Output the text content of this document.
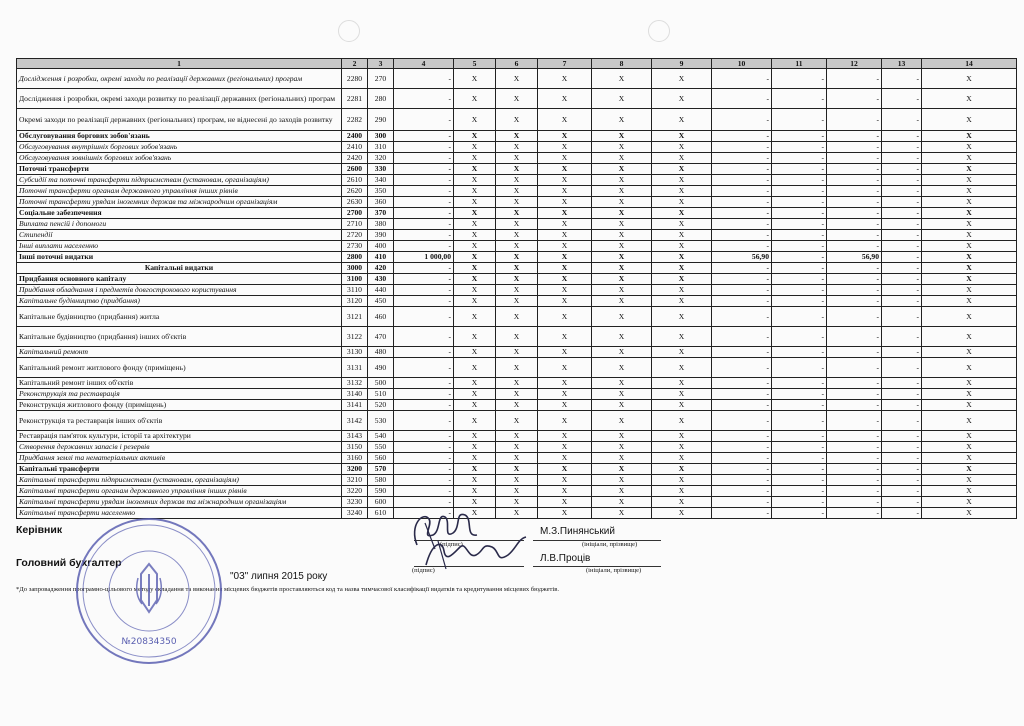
1	2	3	4	5	6	7	8	9	10	11	12	13	14
Дослідження і розробки, окремі заходи по реалізації державних (регіональних) програм	2280	270	-	X	X	X	X	X	-	-	-	-	X
Дослідження і розробки, окремі заходи розвитку по реалізації державних (регіональних) програм	2281	280	-	X	X	X	X	X	-	-	-	-	X
Окремі заходи по реалізації державних (регіональних) програм, не віднесені до заходів розвитку	2282	290	-	X	X	X	X	X	-	-	-	-	X
Обслуговування боргових зобов'язань	2400	300	-	X	X	X	X	X	-	-	-	-	X
Обслуговування внутрішніх боргових зобов'язань	2410	310	-	X	X	X	X	X	-	-	-	-	X
Обслуговування зовнішніх боргових зобов'язань	2420	320	-	X	X	X	X	X	-	-	-	-	X
Поточні трансферти	2600	330	-	X	X	X	X	X	-	-	-	-	X
Субсидії та поточні трансферти підприємствам (установам, організаціям)	2610	340	-	X	X	X	X	X	-	-	-	-	X
Поточні трансферти органам державного управління інших рівнів	2620	350	-	X	X	X	X	X	-	-	-	-	X
Поточні трансферти урядам іноземних держав та міжнародним організаціям	2630	360	-	X	X	X	X	X	-	-	-	-	X
Соціальне забезпечення	2700	370	-	X	X	X	X	X	-	-	-	-	X
Виплата пенсій і допомоги	2710	380	-	X	X	X	X	X	-	-	-	-	X
Стипендії	2720	390	-	X	X	X	X	X	-	-	-	-	X
Інші виплати населенню	2730	400	-	X	X	X	X	X	-	-	-	-	X
Інші поточні видатки	2800	410	1 000,00	X	X	X	X	X	56,90	-	56,90	-	X
Капітальні видатки	3000	420	-	X	X	X	X	X	-	-	-	-	X
Придбання основного капіталу	3100	430	-	X	X	X	X	X	-	-	-	-	X
Придбання обладнання і предметів довгострокового користування	3110	440	-	X	X	X	X	X	-	-	-	-	X
Капітальне будівництво (придбання)	3120	450	-	X	X	X	X	X	-	-	-	-	X
Капітальне будівництво (придбання) житла	3121	460	-	X	X	X	X	X	-	-	-	-	X
Капітальне будівництво (придбання) інших об'єктів	3122	470	-	X	X	X	X	X	-	-	-	-	X
Капітальний ремонт	3130	480	-	X	X	X	X	X	-	-	-	-	X
Капітальний ремонт житлового фонду (приміщень)	3131	490	-	X	X	X	X	X	-	-	-	-	X
Капітальний ремонт інших об'єктів	3132	500	-	X	X	X	X	X	-	-	-	-	X
Реконструкція та реставрація	3140	510	-	X	X	X	X	X	-	-	-	-	X
Реконструкція житлового фонду (приміщень)	3141	520	-	X	X	X	X	X	-	-	-	-	X
Реконструкція та реставрація інших об'єктів	3142	530	-	X	X	X	X	X	-	-	-	-	X
Реставрація пам'яток культури, історії та архітектури	3143	540	-	X	X	X	X	X	-	-	-	-	X
Створення державних запасів і резервів	3150	550	-	X	X	X	X	X	-	-	-	-	X
Придбання землі та нематеріальних активів	3160	560	-	X	X	X	X	X	-	-	-	-	X
Капітальні трансферти	3200	570	-	X	X	X	X	X	-	-	-	-	X
Капітальні трансферти підприємствам (установам, організаціям)	3210	580	-	X	X	X	X	X	-	-	-	-	X
Капітальні трансферти органам державного управління інших рівнів	3220	590	-	X	X	X	X	X	-	-	-	-	X
Капітальні трансферти урядам іноземних держав та міжнародним організаціям	3230	600	-	X	X	X	X	X	-	-	-	-	X
Капітальні трансферти населенню	3240	610	-	X	X	X	X	X	-	-	-	-	X
Керівник
(підпис)
М.З.Пинянський
(ініціали, прізвище)
Головний бухгалтер
(підпис)
Л.В.Проців
(ініціали, прізвище)
"03" липня 2015 року
*До запровадження програмно-цільового методу складання та виконання місцевих бюджетів проставляються код та назва тимчасової класифікації видатків та кредитування місцевих бюджетів.
№20834350
